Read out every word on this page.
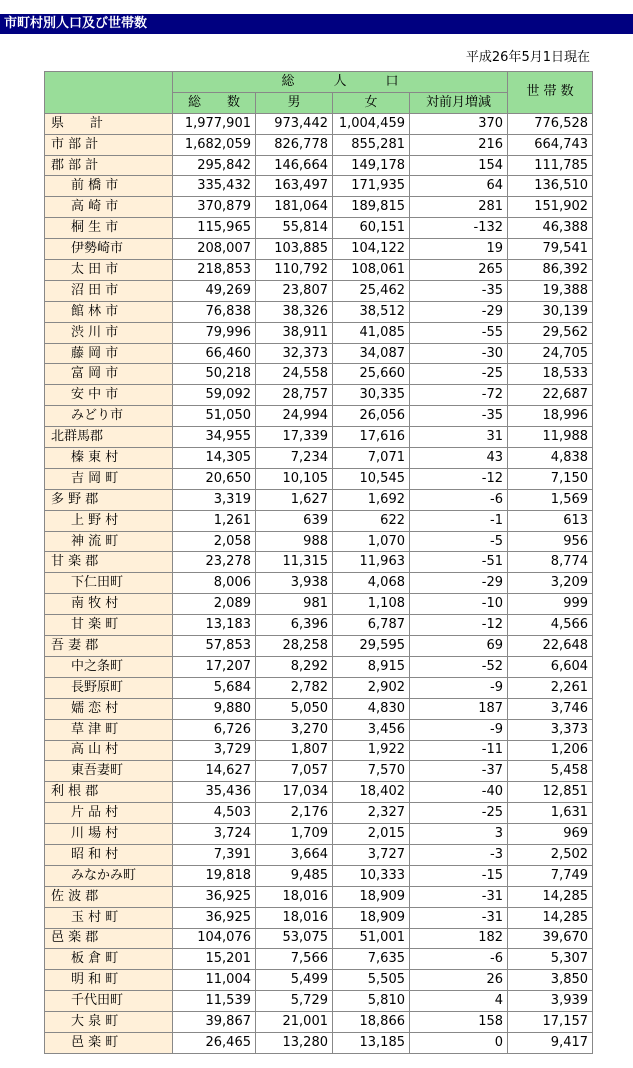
市町村別人口及び世帯数
平成26年5月1日現在
	総　　　人　　　口				世 帯 数
	総　　数	男	女	対前月増減	
県　　計	1,977,901	973,442	1,004,459	370	776,528
市 部 計	1,682,059	826,778	855,281	216	664,743
郡 部 計	295,842	146,664	149,178	154	111,785
前 橋 市	335,432	163,497	171,935	64	136,510
高 崎 市	370,879	181,064	189,815	281	151,902
桐 生 市	115,965	55,814	60,151	-132	46,388
伊勢崎市	208,007	103,885	104,122	19	79,541
太 田 市	218,853	110,792	108,061	265	86,392
沼 田 市	49,269	23,807	25,462	-35	19,388
館 林 市	76,838	38,326	38,512	-29	30,139
渋 川 市	79,996	38,911	41,085	-55	29,562
藤 岡 市	66,460	32,373	34,087	-30	24,705
富 岡 市	50,218	24,558	25,660	-25	18,533
安 中 市	59,092	28,757	30,335	-72	22,687
みどり市	51,050	24,994	26,056	-35	18,996
北群馬郡	34,955	17,339	17,616	31	11,988
榛 東 村	14,305	7,234	7,071	43	4,838
吉 岡 町	20,650	10,105	10,545	-12	7,150
多 野 郡	3,319	1,627	1,692	-6	1,569
上 野 村	1,261	639	622	-1	613
神 流 町	2,058	988	1,070	-5	956
甘 楽 郡	23,278	11,315	11,963	-51	8,774
下仁田町	8,006	3,938	4,068	-29	3,209
南 牧 村	2,089	981	1,108	-10	999
甘 楽 町	13,183	6,396	6,787	-12	4,566
吾 妻 郡	57,853	28,258	29,595	69	22,648
中之条町	17,207	8,292	8,915	-52	6,604
長野原町	5,684	2,782	2,902	-9	2,261
嬬 恋 村	9,880	5,050	4,830	187	3,746
草 津 町	6,726	3,270	3,456	-9	3,373
高 山 村	3,729	1,807	1,922	-11	1,206
東吾妻町	14,627	7,057	7,570	-37	5,458
利 根 郡	35,436	17,034	18,402	-40	12,851
片 品 村	4,503	2,176	2,327	-25	1,631
川 場 村	3,724	1,709	2,015	3	969
昭 和 村	7,391	3,664	3,727	-3	2,502
みなかみ町	19,818	9,485	10,333	-15	7,749
佐 波 郡	36,925	18,016	18,909	-31	14,285
玉 村 町	36,925	18,016	18,909	-31	14,285
邑 楽 郡	104,076	53,075	51,001	182	39,670
板 倉 町	15,201	7,566	7,635	-6	5,307
明 和 町	11,004	5,499	5,505	26	3,850
千代田町	11,539	5,729	5,810	4	3,939
大 泉 町	39,867	21,001	18,866	158	17,157
邑 楽 町	26,465	13,280	13,185	0	9,417
